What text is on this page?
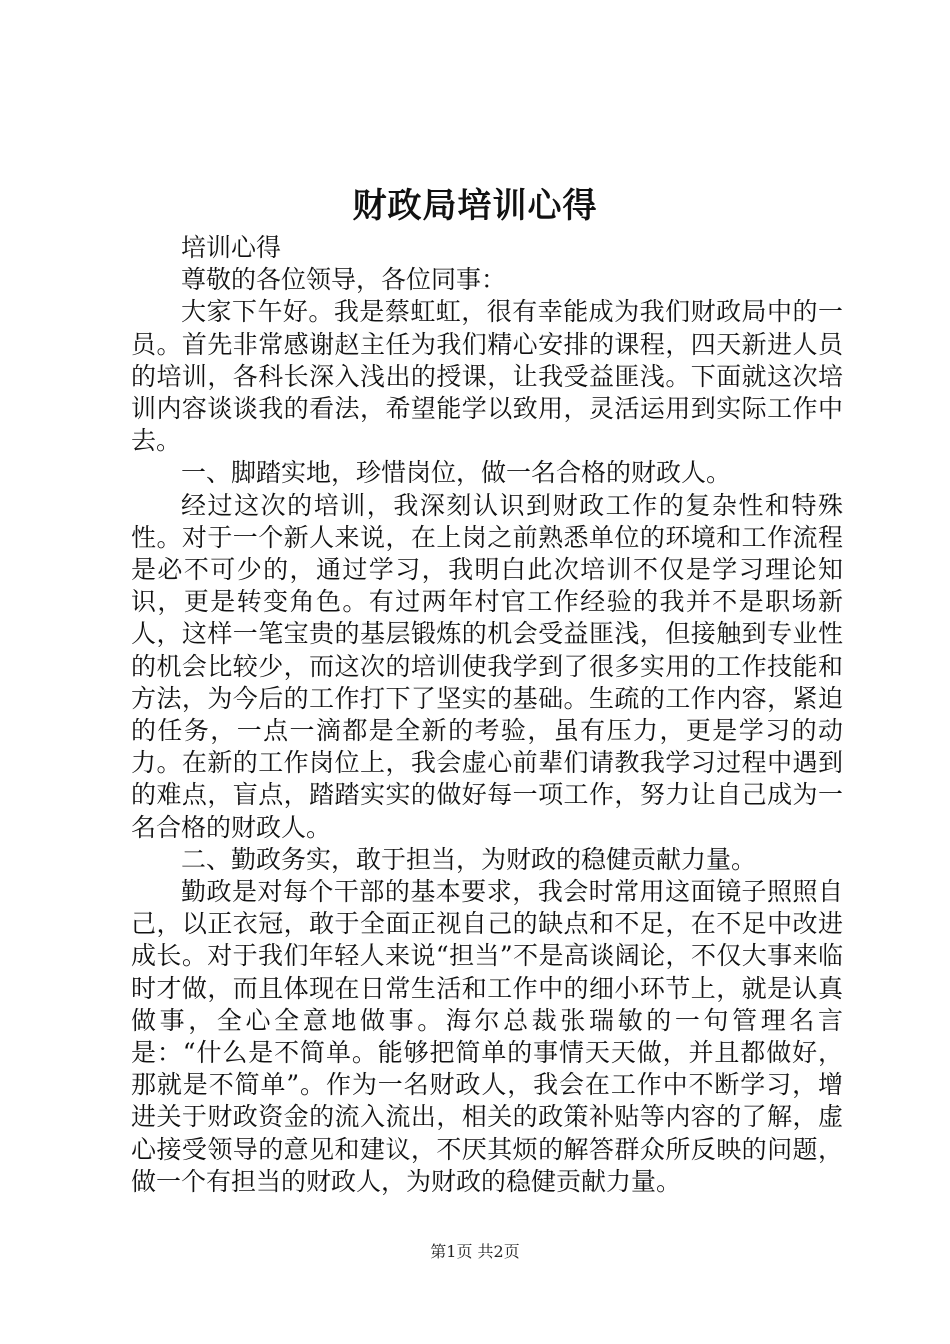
财政局培训心得

培训心得

尊敬的各位领导，各位同事：

大家下午好。我是蔡虹虹，很有幸能成为我们财政局中的一员。首先非常感谢赵主任为我们精心安排的课程，四天新进人员的培训，各科长深入浅出的授课，让我受益匪浅。下面就这次培训内容谈谈我的看法，希望能学以致用，灵活运用到实际工作中去。

一、脚踏实地，珍惜岗位，做一名合格的财政人。

经过这次的培训，我深刻认识到财政工作的复杂性和特殊性。对于一个新人来说，在上岗之前熟悉单位的环境和工作流程是必不可少的，通过学习，我明白此次培训不仅是学习理论知识，更是转变角色。有过两年村官工作经验的我并不是职场新人，这样一笔宝贵的基层锻炼的机会受益匪浅，但接触到专业性的机会比较少，而这次的培训使我学到了很多实用的工作技能和方法，为今后的工作打下了坚实的基础。生疏的工作内容，紧迫的任务，一点一滴都是全新的考验，虽有压力，更是学习的动力。在新的工作岗位上，我会虚心前辈们请教我学习过程中遇到的难点，盲点，踏踏实实的做好每一项工作，努力让自己成为一名合格的财政人。

二、勤政务实，敢于担当，为财政的稳健贡献力量。

勤政是对每个干部的基本要求，我会时常用这面镜子照照自己，以正衣冠，敢于全面正视自己的缺点和不足，在不足中改进成长。对于我们年轻人来说“担当”不是高谈阔论，不仅大事来临时才做，而且体现在日常生活和工作中的细小环节上，就是认真做事，全心全意地做事。海尔总裁张瑞敏的一句管理名言是：“什么是不简单。能够把简单的事情天天做，并且都做好，那就是不简单”。作为一名财政人，我会在工作中不断学习，增进关于财政资金的流入流出，相关的政策补贴等内容的了解，虚心接受领导的意见和建议，不厌其烦的解答群众所反映的问题，做一个有担当的财政人，为财政的稳健贡献力量。

第1页 共2页
